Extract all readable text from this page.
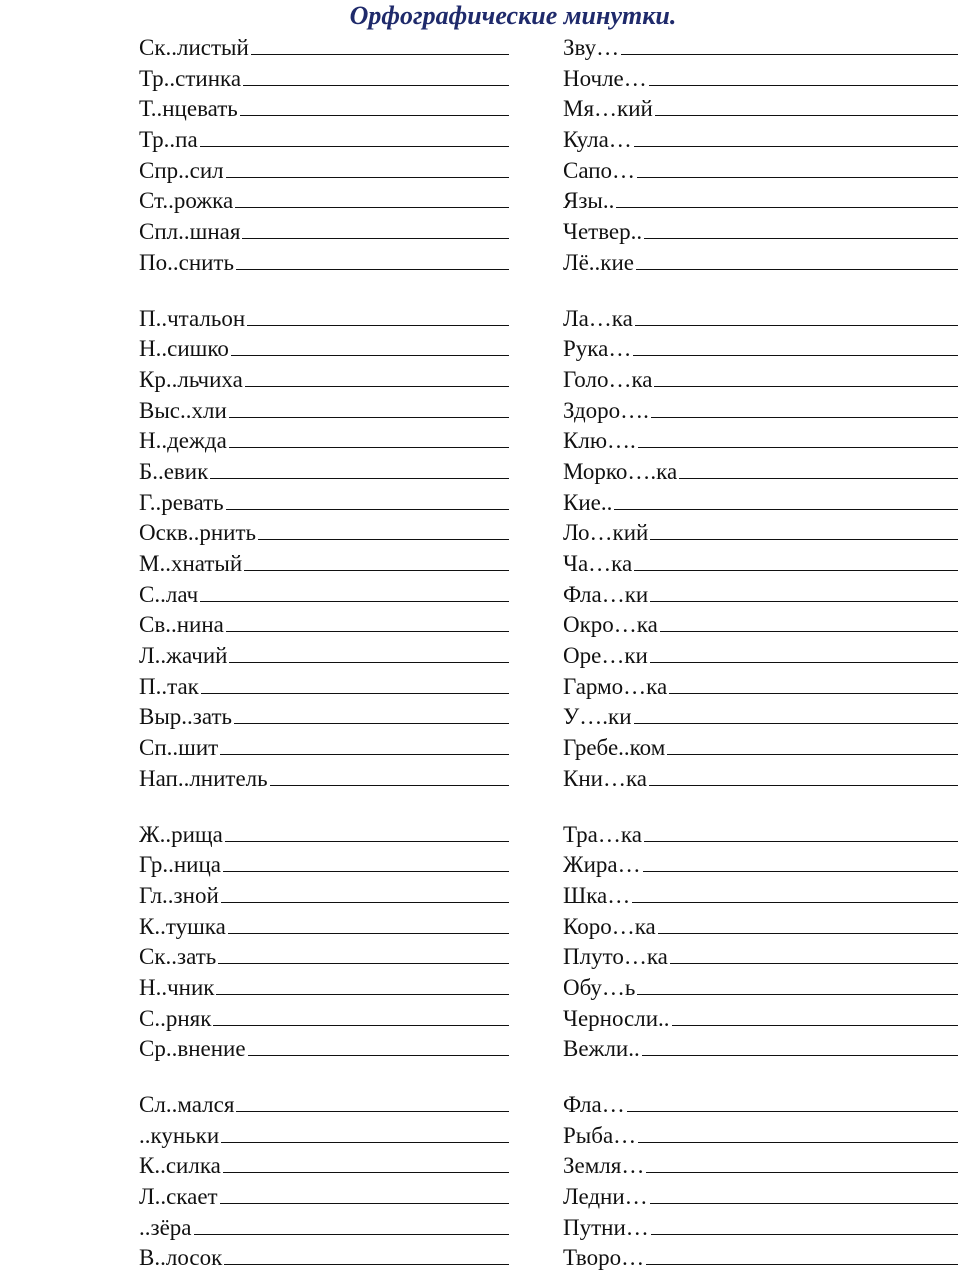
Орфографические минутки.
Ск..листый
Тр..стинка
Т..нцевать
Тр..па
Спр..сил
Ст..рожка
Спл..шная
По..снить
П..чтальон
Н..сишко
Кр..льчиха
Выс..хли
Н..дежда
Б..евик
Г..ревать
Оскв..рнить
М..хнатый
С..лач
Св..нина
Л..жачий
П..так
Выр..зать
Сп..шит
Нап..лнитель
Ж..рища
Гр..ница
Гл..зной
К..тушка
Ск..зать
Н..чник
С..рняк
Ср..внение
Сл..мался
..куньки
К..силка
Л..скает
..зёра
В..лосок
Зву…
Ночле…
Мя…кий
Кула…
Сапо…
Язы..
Четвер..
Лё..кие
Ла…ка
Рука…
Голо…ка
Здоро….
Клю….
Морко….ка
Кие..
Ло…кий
Ча…ка
Фла…ки
Окро…ка
Оре…ки
Гармо…ка
У….ки
Гребе..ком
Кни…ка
Тра…ка
Жира…
Шка…
Коро…ка
Плуто…ка
Обу…ь
Черносли..
Вежли..
Фла…
Рыба…
Земля…
Ледни…
Путни…
Творо…
